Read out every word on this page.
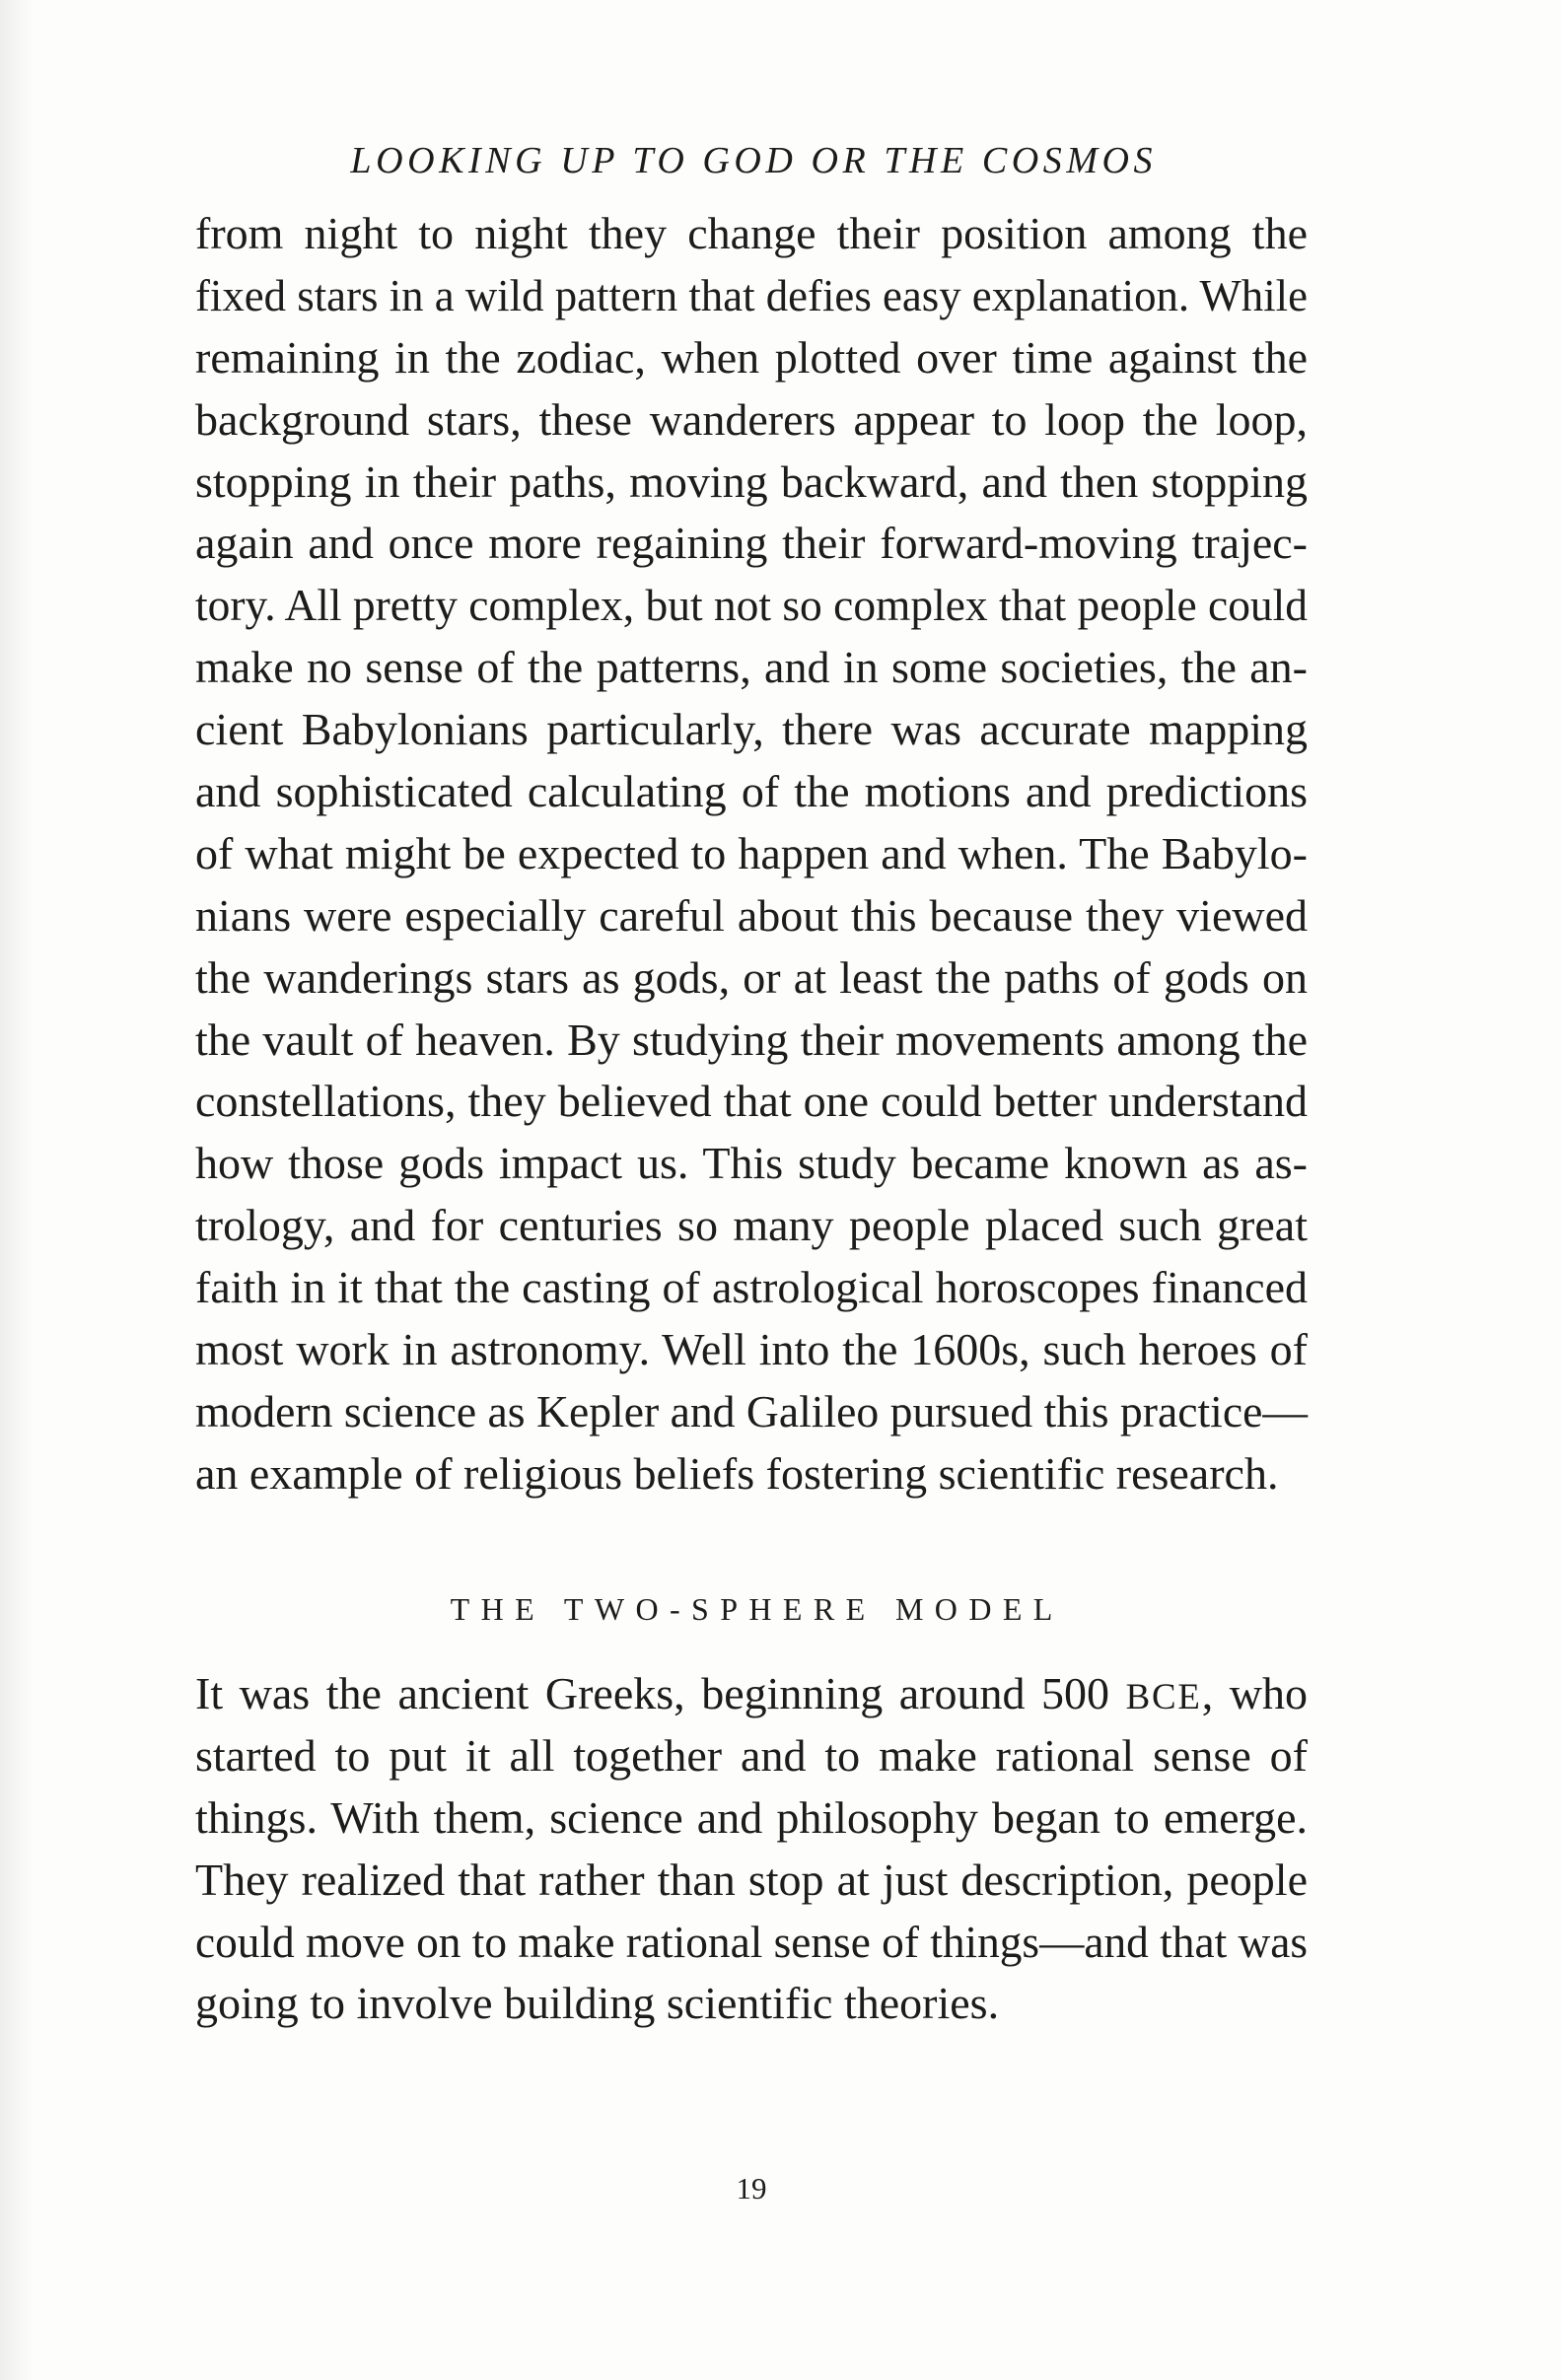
LOOKING UP TO GOD OR THE COSMOS
from night to night they change their position among the
fixed stars in a wild pattern that defies easy explanation. While
remaining in the zodiac, when plotted over time against the
background stars, these wanderers appear to loop the loop,
stopping in their paths, moving backward, and then stopping
again and once more regaining their forward-moving trajec-
tory. All pretty complex, but not so complex that people could
make no sense of the patterns, and in some societies, the an-
cient Babylonians particularly, there was accurate mapping
and sophisticated calculating of the motions and predictions
of what might be expected to happen and when. The Babylo-
nians were especially careful about this because they viewed
the wanderings stars as gods, or at least the paths of gods on
the vault of heaven. By studying their movements among the
constellations, they believed that one could better understand
how those gods impact us. This study became known as as-
trology, and for centuries so many people placed such great
faith in it that the casting of astrological horoscopes financed
most work in astronomy. Well into the 1600s, such heroes of
modern science as Kepler and Galileo pursued this practice—
an example of religious beliefs fostering scientific research.
THE TWO-SPHERE MODEL
It was the ancient Greeks, beginning around 500 BCE, who
started to put it all together and to make rational sense of
things. With them, science and philosophy began to emerge.
They realized that rather than stop at just description, people
could move on to make rational sense of things—and that was
going to involve building scientific theories.
19
